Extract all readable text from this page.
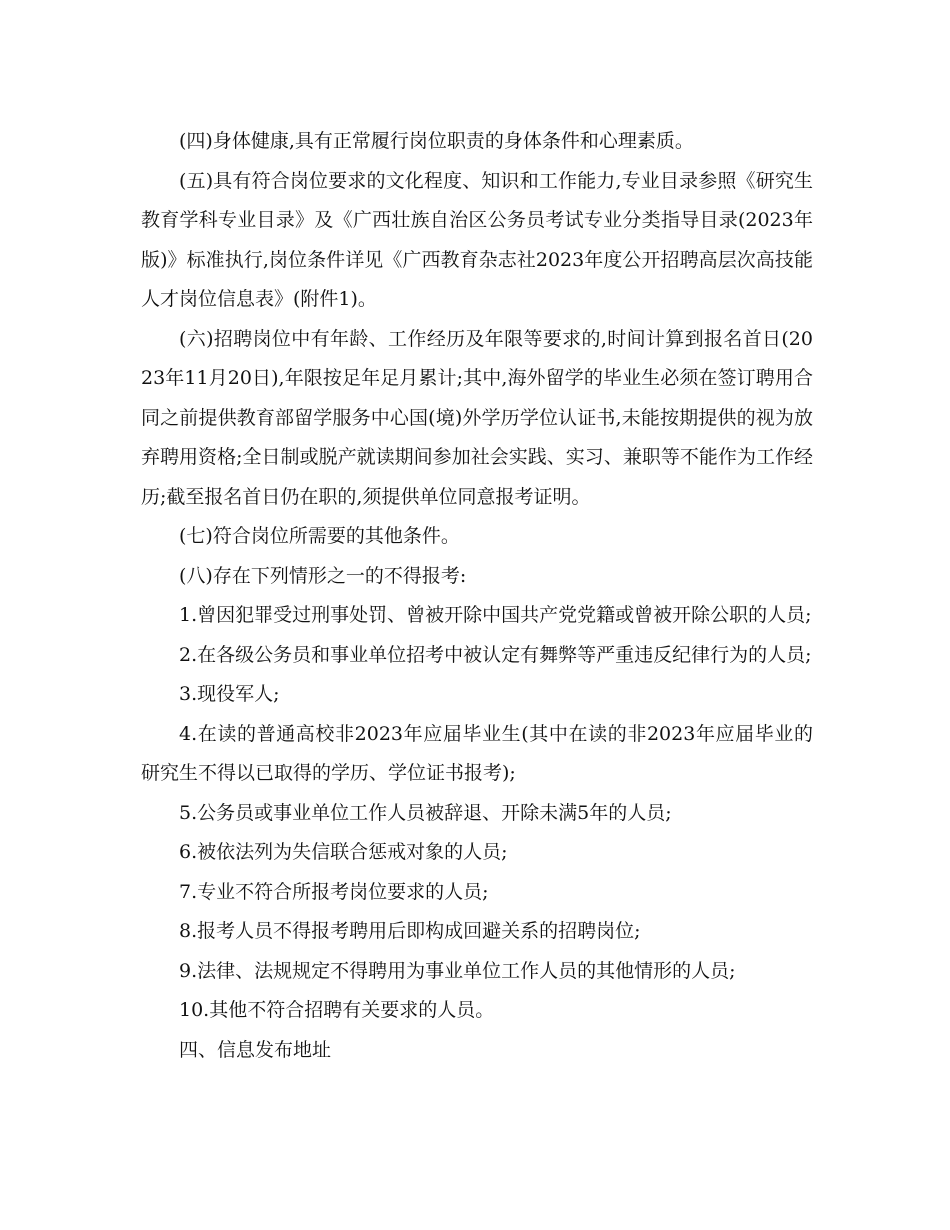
(四)身体健康,具有正常履行岗位职责的身体条件和心理素质。

(五)具有符合岗位要求的文化程度、知识和工作能力,专业目录参照《研究生教育学科专业目录》及《广西壮族自治区公务员考试专业分类指导目录(2023年版)》标准执行,岗位条件详见《广西教育杂志社2023年度公开招聘高层次高技能人才岗位信息表》(附件1)。

(六)招聘岗位中有年龄、工作经历及年限等要求的,时间计算到报名首日(2023年11月20日),年限按足年足月累计;其中,海外留学的毕业生必须在签订聘用合同之前提供教育部留学服务中心国(境)外学历学位认证书,未能按期提供的视为放弃聘用资格;全日制或脱产就读期间参加社会实践、实习、兼职等不能作为工作经历;截至报名首日仍在职的,须提供单位同意报考证明。

(七)符合岗位所需要的其他条件。

(八)存在下列情形之一的不得报考:

1.曾因犯罪受过刑事处罚、曾被开除中国共产党党籍或曾被开除公职的人员;

2.在各级公务员和事业单位招考中被认定有舞弊等严重违反纪律行为的人员;

3.现役军人;

4.在读的普通高校非2023年应届毕业生(其中在读的非2023年应届毕业的研究生不得以已取得的学历、学位证书报考);

5.公务员或事业单位工作人员被辞退、开除未满5年的人员;

6.被依法列为失信联合惩戒对象的人员;

7.专业不符合所报考岗位要求的人员;

8.报考人员不得报考聘用后即构成回避关系的招聘岗位;

9.法律、法规规定不得聘用为事业单位工作人员的其他情形的人员;

10.其他不符合招聘有关要求的人员。

四、信息发布地址
